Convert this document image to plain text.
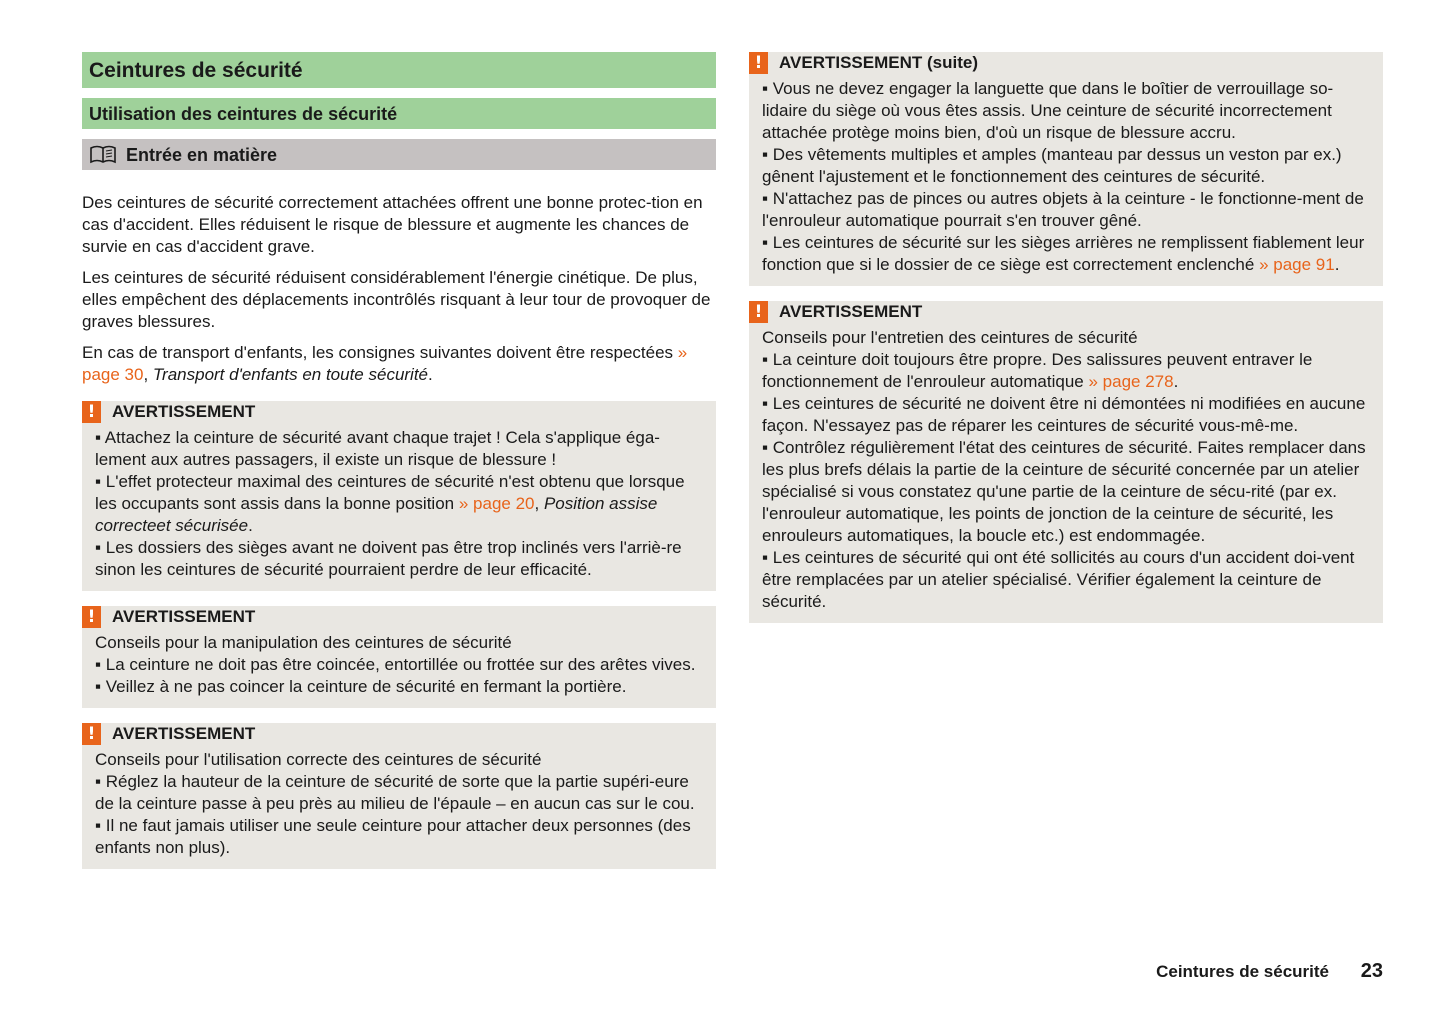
Ceintures de sécurité
Utilisation des ceintures de sécurité
Entrée en matière

Des ceintures de sécurité correctement attachées offrent une bonne protec-tion en cas d'accident. Elles réduisent le risque de blessure et augmente les chances de survie en cas d'accident grave.

Les ceintures de sécurité réduisent considérablement l'énergie cinétique. De plus, elles empêchent des déplacements incontrôlés risquant à leur tour de provoquer de graves blessures.

En cas de transport d'enfants, les consignes suivantes doivent être respectées » page 30, Transport d'enfants en toute sécurité.

! AVERTISSEMENT

▪ Attachez la ceinture de sécurité avant chaque trajet ! Cela s'applique éga-lement aux autres passagers, il existe un risque de blessure !

▪ L'effet protecteur maximal des ceintures de sécurité n'est obtenu que lorsque les occupants sont assis dans la bonne position » page 20, Position assise correcteet sécurisée.

▪ Les dossiers des sièges avant ne doivent pas être trop inclinés vers l'arriè-re sinon les ceintures de sécurité pourraient perdre de leur efficacité.

! AVERTISSEMENT

Conseils pour la manipulation des ceintures de sécurité

▪ La ceinture ne doit pas être coincée, entortillée ou frottée sur des arêtes vives.

▪ Veillez à ne pas coincer la ceinture de sécurité en fermant la portière.

! AVERTISSEMENT

Conseils pour l'utilisation correcte des ceintures de sécurité

▪ Réglez la hauteur de la ceinture de sécurité de sorte que la partie supéri-eure de la ceinture passe à peu près au milieu de l'épaule – en aucun cas sur le cou.

▪ Il ne faut jamais utiliser une seule ceinture pour attacher deux personnes (des enfants non plus).

! AVERTISSEMENT (suite)

▪ Vous ne devez engager la languette que dans le boîtier de verrouillage so-lidaire du siège où vous êtes assis. Une ceinture de sécurité incorrectement attachée protège moins bien, d'où un risque de blessure accru.

▪ Des vêtements multiples et amples (manteau par dessus un veston par ex.) gênent l'ajustement et le fonctionnement des ceintures de sécurité.

▪ N'attachez pas de pinces ou autres objets à la ceinture - le fonctionne-ment de l'enrouleur automatique pourrait s'en trouver gêné.

▪ Les ceintures de sécurité sur les sièges arrières ne remplissent fiablement leur fonction que si le dossier de ce siège est correctement enclenché » page 91.

! AVERTISSEMENT

Conseils pour l'entretien des ceintures de sécurité

▪ La ceinture doit toujours être propre. Des salissures peuvent entraver le fonctionnement de l'enrouleur automatique » page 278.

▪ Les ceintures de sécurité ne doivent être ni démontées ni modifiées en aucune façon. N'essayez pas de réparer les ceintures de sécurité vous-mê-me.

▪ Contrôlez régulièrement l'état des ceintures de sécurité. Faites remplacer dans les plus brefs délais la partie de la ceinture de sécurité concernée par un atelier spécialisé si vous constatez qu'une partie de la ceinture de sécu-rité (par ex. l'enrouleur automatique, les points de jonction de la ceinture de sécurité, les enrouleurs automatiques, la boucle etc.) est endommagée.

▪ Les ceintures de sécurité qui ont été sollicités au cours d'un accident doi-vent être remplacées par un atelier spécialisé. Vérifier également la ceinture de sécurité.

Ceintures de sécurité	23
